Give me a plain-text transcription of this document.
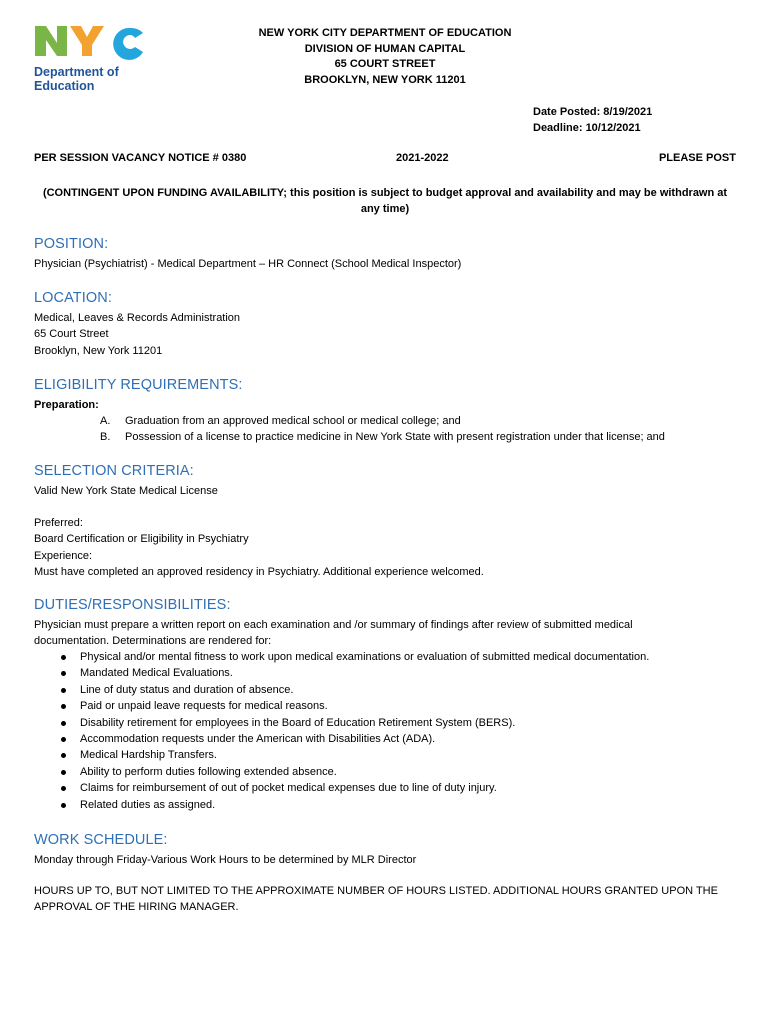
Department of
Education
NEW YORK CITY DEPARTMENT OF EDUCATION
DIVISION OF HUMAN CAPITAL
65 COURT STREET
BROOKLYN, NEW YORK 11201
Date Posted: 8/19/2021
Deadline: 10/12/2021
PER SESSION VACANCY NOTICE # 0380	2021-2022	PLEASE POST
(CONTINGENT UPON FUNDING AVAILABILITY; this position is subject to budget approval and availability and may be withdrawn at
any time)
POSITION:
Physician (Psychiatrist) - Medical Department – HR Connect (School Medical Inspector)
LOCATION:
Medical, Leaves & Records Administration
65 Court Street
Brooklyn, New York 11201
ELIGIBILITY REQUIREMENTS:
Preparation:
A. Graduation from an approved medical school or medical college; and
B. Possession of a license to practice medicine in New York State with present registration under that license; and
SELECTION CRITERIA:
Valid New York State Medical License
Preferred:
Board Certification or Eligibility in Psychiatry
Experience:
Must have completed an approved residency in Psychiatry. Additional experience welcomed.
DUTIES/RESPONSIBILITIES:
Physician must prepare a written report on each examination and /or summary of findings after review of submitted medical
documentation. Determinations are rendered for:
Physical and/or mental fitness to work upon medical examinations or evaluation of submitted medical documentation.
Mandated Medical Evaluations.
Line of duty status and duration of absence.
Paid or unpaid leave requests for medical reasons.
Disability retirement for employees in the Board of Education Retirement System (BERS).
Accommodation requests under the American with Disabilities Act (ADA).
Medical Hardship Transfers.
Ability to perform duties following extended absence.
Claims for reimbursement of out of pocket medical expenses due to line of duty injury.
Related duties as assigned.
WORK SCHEDULE:
Monday through Friday-Various Work Hours to be determined by MLR Director
HOURS UP TO, BUT NOT LIMITED TO THE APPROXIMATE NUMBER OF HOURS LISTED. ADDITIONAL HOURS GRANTED UPON THE
APPROVAL OF THE HIRING MANAGER.
